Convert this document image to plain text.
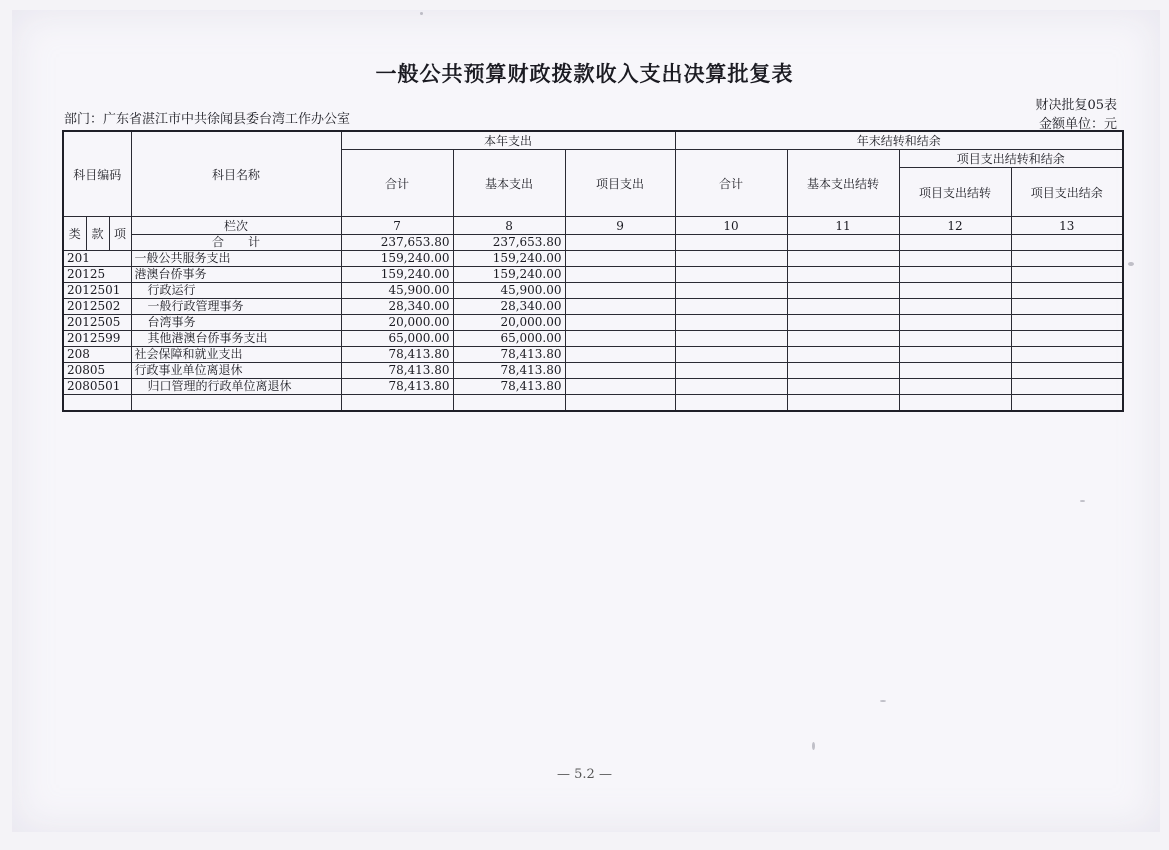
一般公共预算财政拨款收入支出决算批复表
部门：广东省湛江市中共徐闻县委台湾工作办公室
财决批复05表
金额单位：元
科目编码			科目名称	本年支出			年末结转和结余			
				合计	基本支出	项目支出	合计	基本支出结转	项目支出结转和结余	
									项目支出结转	项目支出结余
类	款	项	栏次	7	8	9	10	11	12	13
			合　　计	237,653.80	237,653.80					
201			一般公共服务支出	159,240.00	159,240.00					
20125			港澳台侨事务	159,240.00	159,240.00					
2012501			行政运行	45,900.00	45,900.00					
2012502			一般行政管理事务	28,340.00	28,340.00					
2012505			台湾事务	20,000.00	20,000.00					
2012599			其他港澳台侨事务支出	65,000.00	65,000.00					
208			社会保障和就业支出	78,413.80	78,413.80					
20805			行政事业单位离退休	78,413.80	78,413.80					
2080501			归口管理的行政单位离退休	78,413.80	78,413.80					

— 5.2 —
